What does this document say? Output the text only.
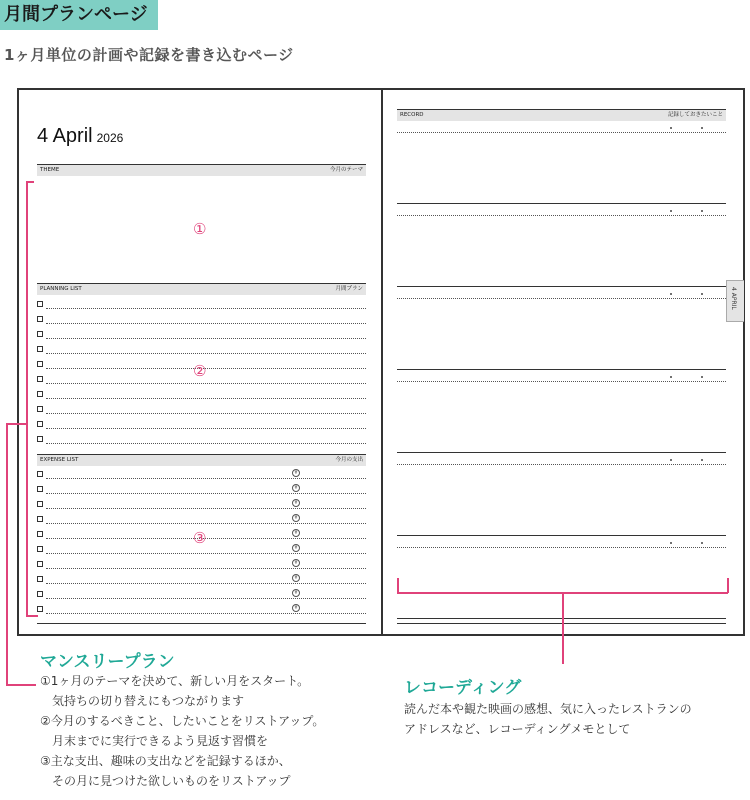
月間プランページ
1ヶ月単位の計画や記録を書き込むページ
4 April 2026
THEME	今月のテーマ
PLANNING LIST	月間プラン
EXPENSE LIST	今月の支出
¥
¥
¥
¥
¥
¥
¥
¥
¥
¥
①
②
③
RECORD	記録しておきたいこと
4 APRIL
マンスリープラン
①1ヶ月のテーマを決めて、新しい月をスタート。
　気持ちの切り替えにもつながります
②今月のするべきこと、したいことをリストアップ。
　月末までに実行できるよう見返す習慣を
③主な支出、趣味の支出などを記録するほか、
　その月に見つけた欲しいものをリストアップ
レコーディング
読んだ本や観た映画の感想、気に入ったレストランの
アドレスなど、レコーディングメモとして
